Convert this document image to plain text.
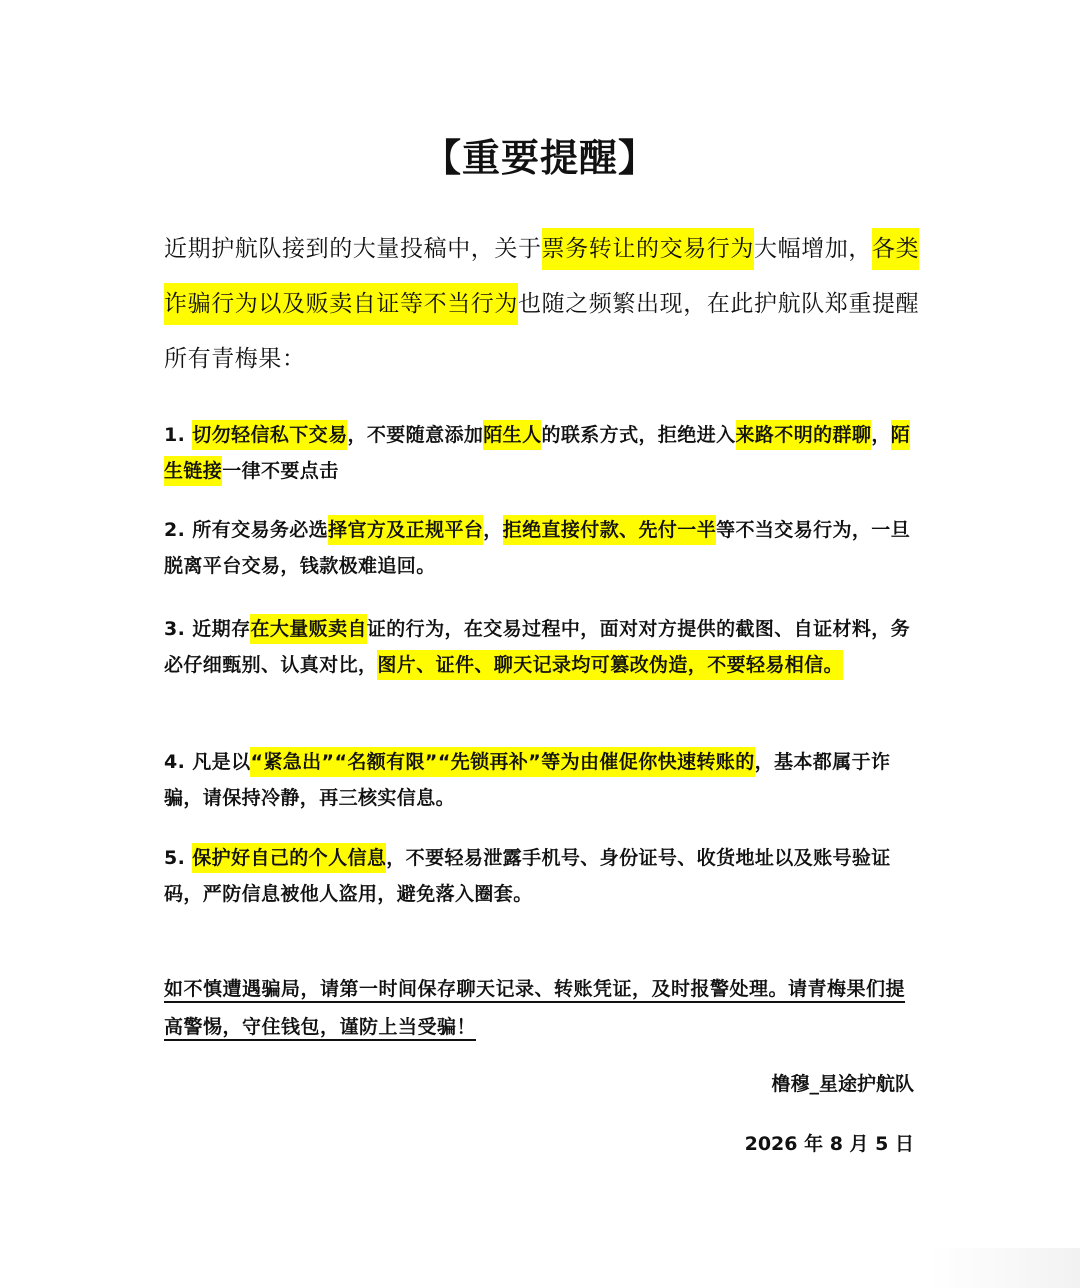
【重要提醒】

近期护航队接到的大量投稿中，关于票务转让的交易行为大幅增加，各类诈骗行为以及贩卖自证等不当行为也随之频繁出现，在此护航队郑重提醒所有青梅果：

1. 切勿轻信私下交易，不要随意添加陌生人的联系方式，拒绝进入来路不明的群聊，陌生链接一律不要点击

2. 所有交易务必选择官方及正规平台，拒绝直接付款、先付一半等不当交易行为，一旦脱离平台交易，钱款极难追回。

3. 近期存在大量贩卖自证的行为，在交易过程中，面对对方提供的截图、自证材料，务必仔细甄别、认真对比，图片、证件、聊天记录均可篡改伪造，不要轻易相信。

4. 凡是以“紧急出”“名额有限”“先锁再补”等为由催促你快速转账的，基本都属于诈骗，请保持冷静，再三核实信息。

5. 保护好自己的个人信息，不要轻易泄露手机号、身份证号、收货地址以及账号验证码，严防信息被他人盗用，避免落入圈套。

如不慎遭遇骗局，请第一时间保存聊天记录、转账凭证，及时报警处理。请青梅果们提高警惕，守住钱包，谨防上当受骗！

橹穆_星途护航队

2026 年 8 月 5 日
